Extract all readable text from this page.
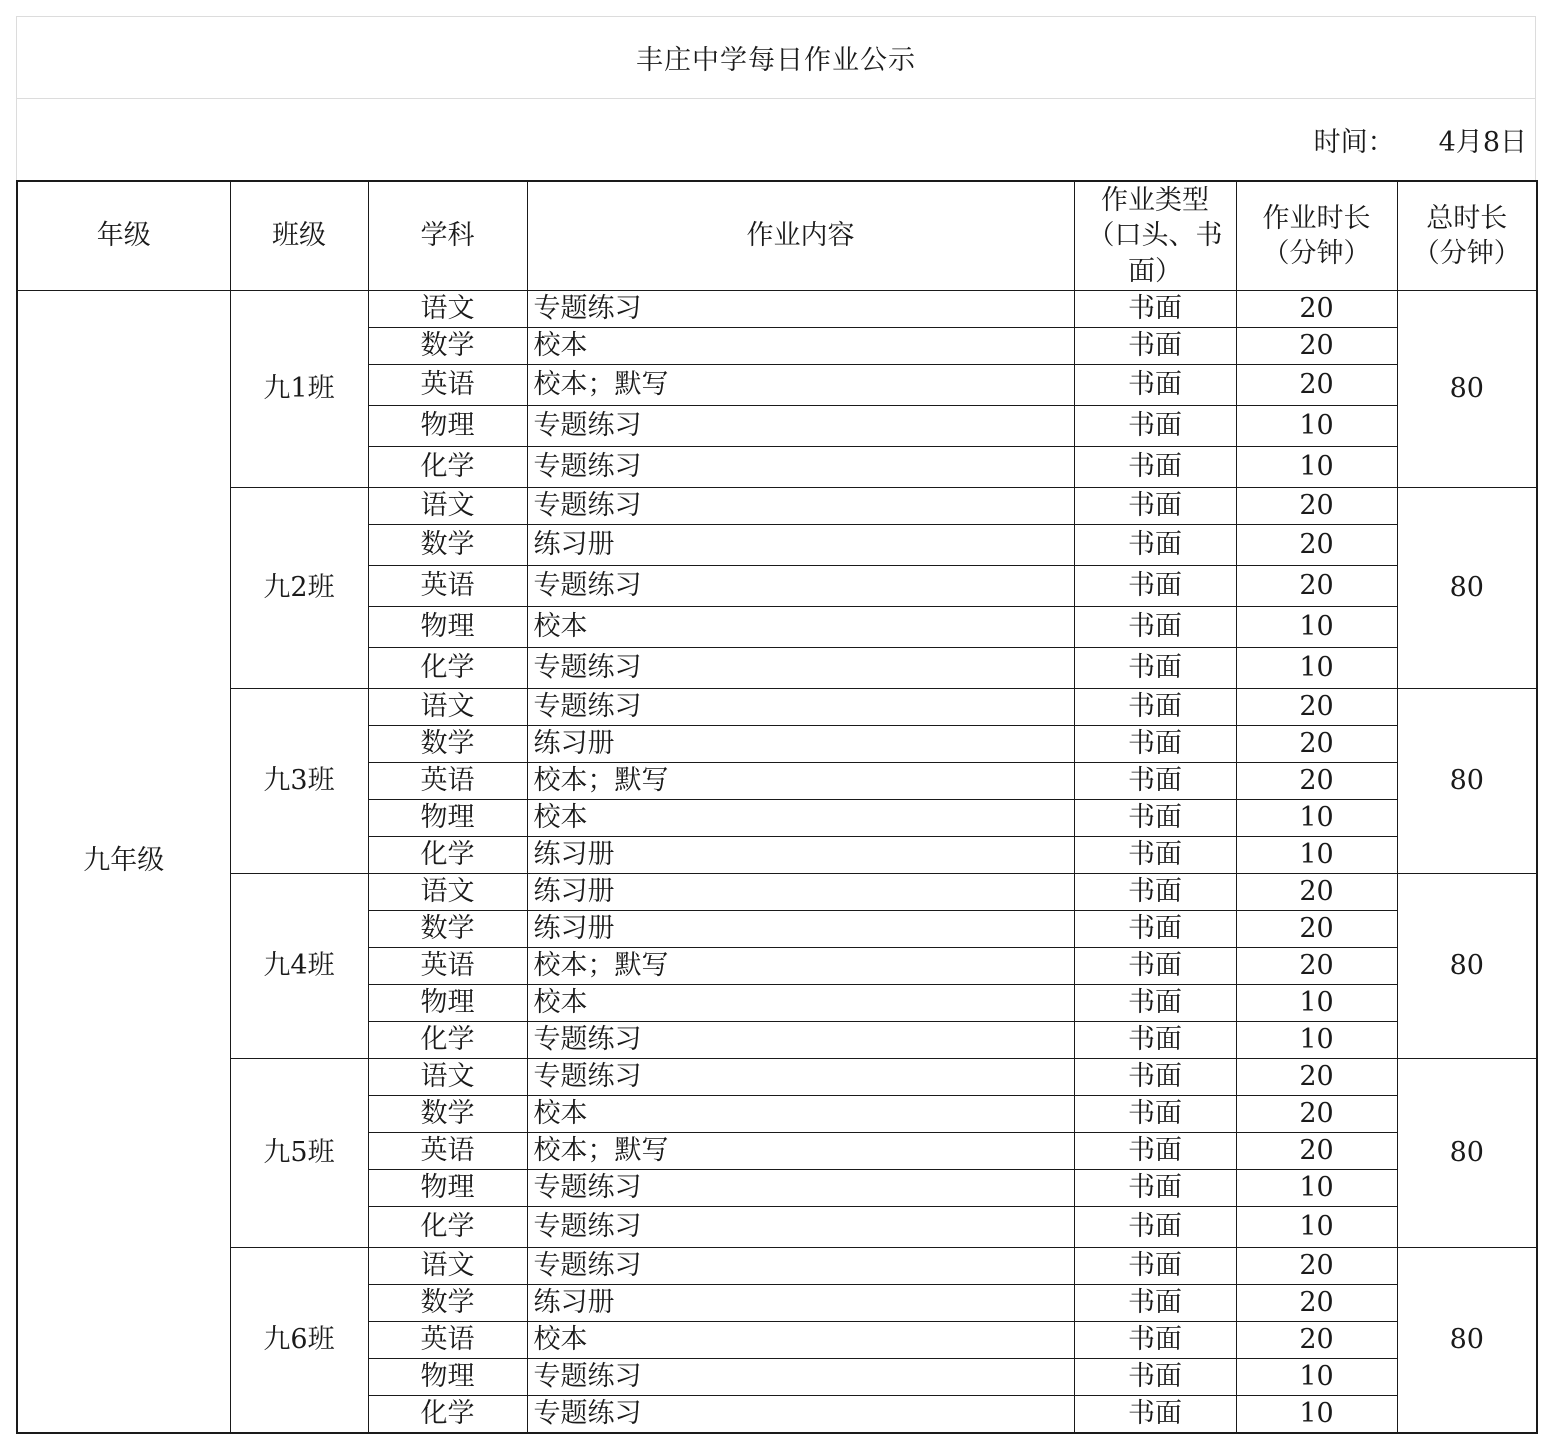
丰庄中学每日作业公示
时间： 4月8日
年级	班级	学科	作业内容	作业类型（口头、书面）	作业时长（分钟）	总时长（分钟）
九年级	九1班	语文	专题练习	书面	20	80
		数学	校本	书面	20	
		英语	校本；默写	书面	20	
		物理	专题练习	书面	10	
		化学	专题练习	书面	10	
	九2班	语文	专题练习	书面	20	80
		数学	练习册	书面	20	
		英语	专题练习	书面	20	
		物理	校本	书面	10	
		化学	专题练习	书面	10	
	九3班	语文	专题练习	书面	20	80
		数学	练习册	书面	20	
		英语	校本；默写	书面	20	
		物理	校本	书面	10	
		化学	练习册	书面	10	
	九4班	语文	练习册	书面	20	80
		数学	练习册	书面	20	
		英语	校本；默写	书面	20	
		物理	校本	书面	10	
		化学	专题练习	书面	10	
	九5班	语文	专题练习	书面	20	80
		数学	校本	书面	20	
		英语	校本；默写	书面	20	
		物理	专题练习	书面	10	
		化学	专题练习	书面	10	
	九6班	语文	专题练习	书面	20	80
		数学	练习册	书面	20	
		英语	校本	书面	20	
		物理	专题练习	书面	10	
		化学	专题练习	书面	10	
